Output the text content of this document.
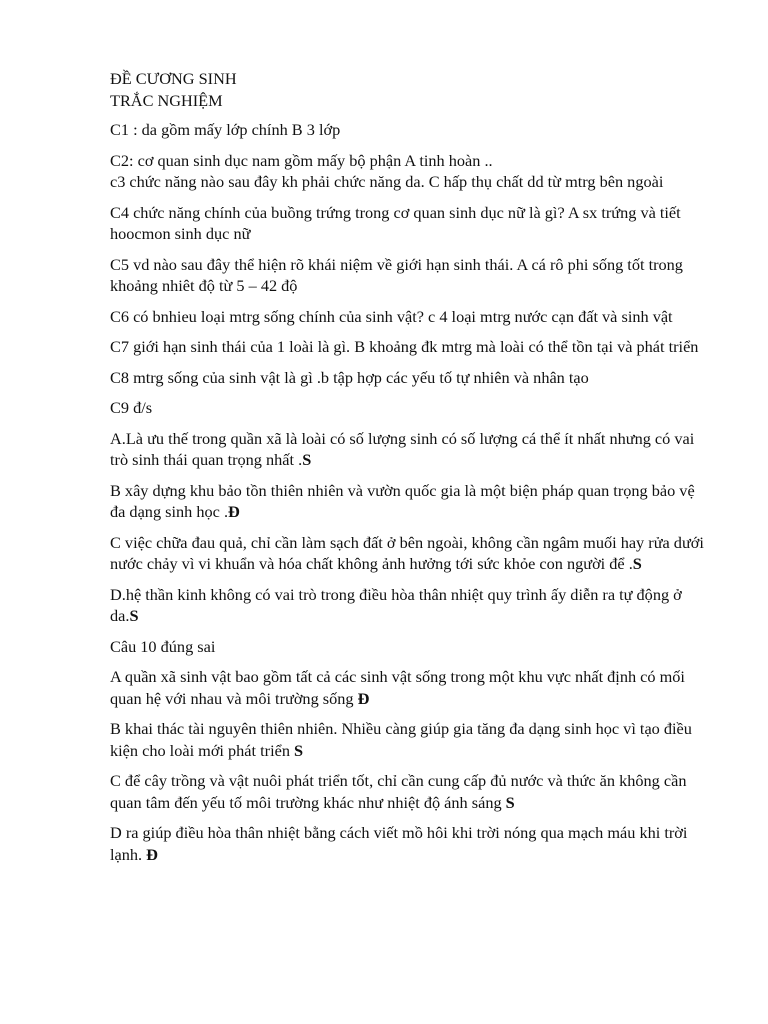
ĐỀ CƯƠNG SINH
TRẮC NGHIỆM

C1 : da gồm mấy lớp chính B 3 lớp

C2: cơ quan sinh dục nam gồm mấy bộ phận A tinh hoàn ..

c3 chức năng nào sau đây kh phải chức năng da. C hấp thụ chất dd từ mtrg bên ngoài

C4 chức năng chính của buồng trứng trong cơ quan sinh dục nữ là gì? A sx trứng và tiết hoocmon sinh dục nữ

C5 vd nào sau đây thể hiện rõ khái niệm về giới hạn sinh thái. A cá rô phi sống tốt trong khoảng nhiêt độ từ 5 – 42 độ

C6 có bnhieu loại mtrg sống chính của sinh vật? c 4 loại mtrg nước cạn đất và sinh vật

C7 giới hạn sinh thái của 1 loài là gì. B khoảng đk mtrg mà loài có thể tồn tại và phát triển

C8 mtrg sống của sinh vật là gì .b tập hợp các yếu tố tự nhiên và nhân tạo

C9 đ/s

A.Là ưu thế trong quần xã là loài có số lượng sinh có số lượng cá thể ít nhất nhưng có vai trò sinh thái quan trọng nhất .S

B xây dựng khu bảo tồn thiên nhiên và vườn quốc gia là một biện pháp quan trọng bảo vệ đa dạng sinh học .Đ

C việc chữa đau quả, chỉ cần làm sạch đất ở bên ngoài, không cần ngâm muối hay rửa dưới nước chảy vì vi khuẩn và hóa chất không ảnh hưởng tới sức khỏe con người để .S

D.hệ thần kinh không có vai trò trong điều hòa thân nhiệt quy trình ấy diễn ra tự động ở da.S

Câu 10 đúng sai

A quần xã sinh vật bao gồm tất cả các sinh vật sống trong một khu vực nhất định có mối quan hệ với nhau và môi trường sống Đ

B khai thác tài nguyên thiên nhiên. Nhiều càng giúp gia tăng đa dạng sinh học vì tạo điều kiện cho loài mới phát triển S

C để cây trồng và vật nuôi phát triển tốt, chỉ cần cung cấp đủ nước và thức ăn không cần quan tâm đến yếu tố môi trường khác như nhiệt độ ánh sáng S

D ra giúp điều hòa thân nhiệt bằng cách viết mồ hôi khi trời nóng qua mạch máu khi trời lạnh. Đ
